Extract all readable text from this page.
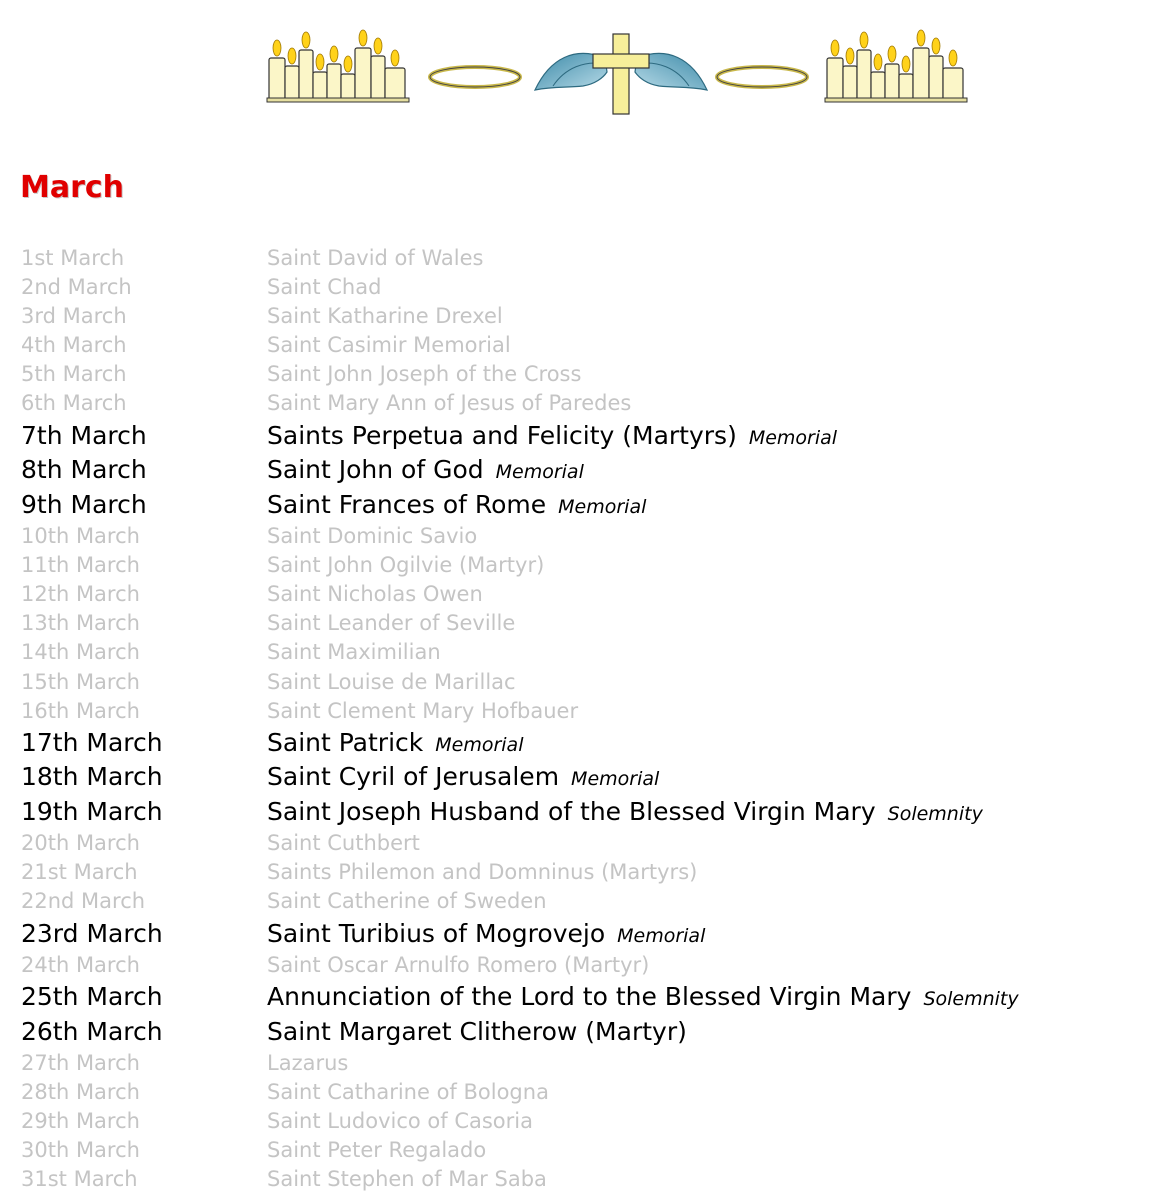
March
1st March	Saint David of Wales
2nd March	Saint Chad
3rd March	Saint Katharine Drexel
4th March	Saint Casimir Memorial
5th March	Saint John Joseph of the Cross
6th March	Saint Mary Ann of Jesus of Paredes
7th March	Saints Perpetua and Felicity (Martyrs) Memorial
8th March	Saint John of God Memorial
9th March	Saint Frances of Rome Memorial
10th March	Saint Dominic Savio
11th March	Saint John Ogilvie (Martyr)
12th March	Saint Nicholas Owen
13th March	Saint Leander of Seville
14th March	Saint Maximilian
15th March	Saint Louise de Marillac
16th March	Saint Clement Mary Hofbauer
17th March	Saint Patrick Memorial
18th March	Saint Cyril of Jerusalem Memorial
19th March	Saint Joseph Husband of the Blessed Virgin Mary Solemnity
20th March	Saint Cuthbert
21st March	Saints Philemon and Domninus (Martyrs)
22nd March	Saint Catherine of Sweden
23rd March	Saint Turibius of Mogrovejo Memorial
24th March	Saint Oscar Arnulfo Romero (Martyr)
25th March	Annunciation of the Lord to the Blessed Virgin Mary Solemnity
26th March	Saint Margaret Clitherow (Martyr)
27th March	Lazarus
28th March	Saint Catharine of Bologna
29th March	Saint Ludovico of Casoria
30th March	Saint Peter Regalado
31st March	Saint Stephen of Mar Saba
